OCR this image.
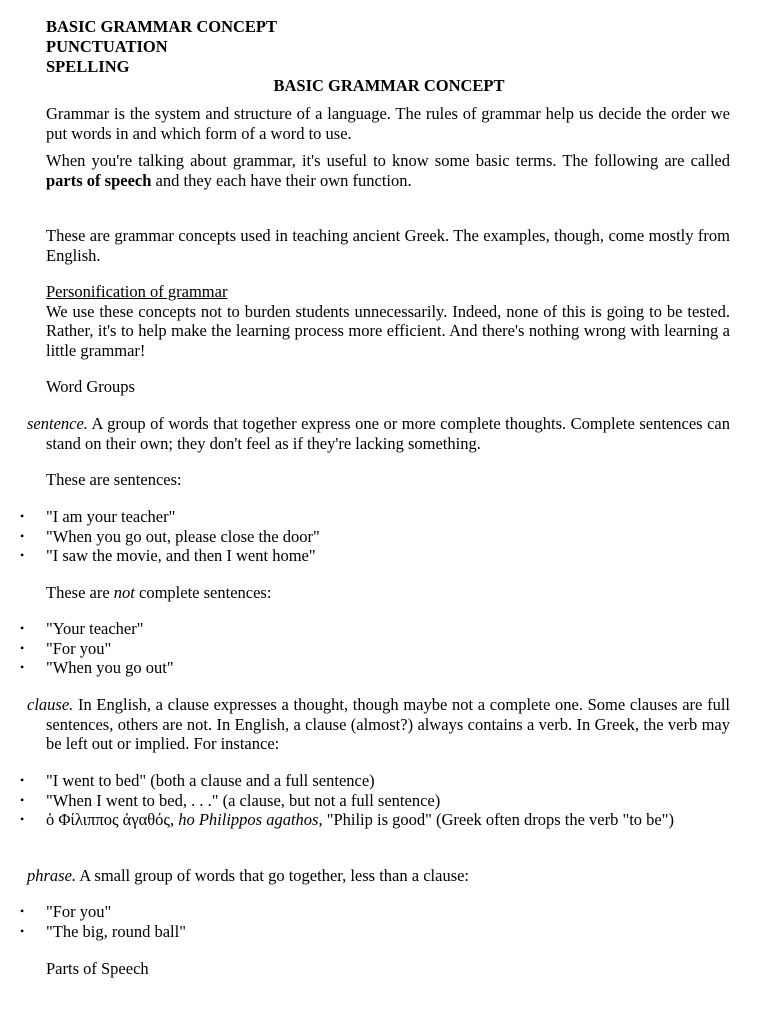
BASIC GRAMMAR CONCEPT
PUNCTUATION
SPELLING
BASIC GRAMMAR CONCEPT
Grammar is the system and structure of a language. The rules of grammar help us decide the order we put words in and which form of a word to use.
When you're talking about grammar, it's useful to know some basic terms. The following are called parts of speech and they each have their own function.
These are grammar concepts used in teaching ancient Greek. The examples, though, come mostly from English.
Personification of grammar
We use these concepts not to burden students unnecessarily. Indeed, none of this is going to be tested. Rather, it's to help make the learning process more efficient. And there's nothing wrong with learning a little grammar!
Word Groups
sentence. A group of words that together express one or more complete thoughts. Complete sentences can stand on their own; they don't feel as if they're lacking something.
These are sentences:
• "I am your teacher"
• "When you go out, please close the door"
• "I saw the movie, and then I went home"
These are not complete sentences:
• "Your teacher"
• "For you"
• "When you go out"
clause. In English, a clause expresses a thought, though maybe not a complete one. Some clauses are full sentences, others are not. In English, a clause (almost?) always contains a verb. In Greek, the verb may be left out or implied. For instance:
• "I went to bed" (both a clause and a full sentence)
• "When I went to bed, . . ." (a clause, but not a full sentence)
• ὁ Φίλιππος ἀγαθός, ho Philippos agathos, "Philip is good" (Greek often drops the verb "to be")
phrase. A small group of words that go together, less than a clause:
• "For you"
• "The big, round ball"
Parts of Speech
